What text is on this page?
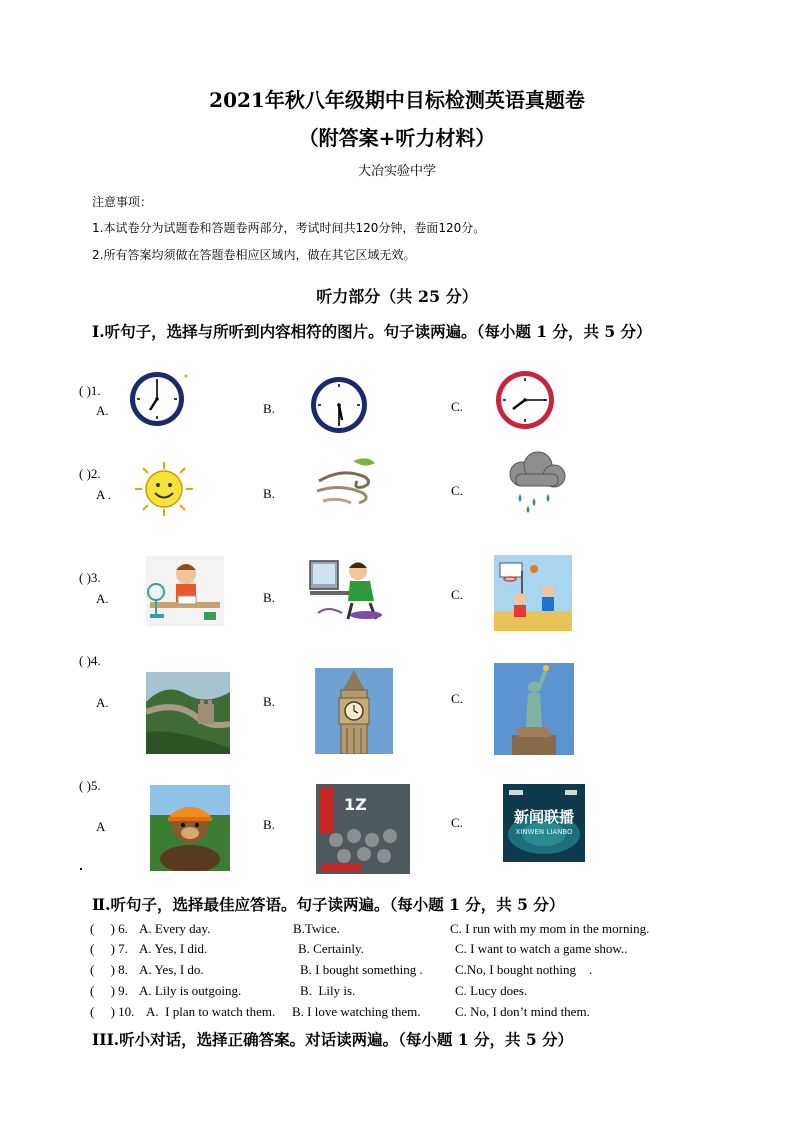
2021年秋八年级期中目标检测英语真题卷
（附答案+听力材料）
大冶实验中学
注意事项：
1.本试卷分为试题卷和答题卷两部分，考试时间共120分钟，卷面120分。
2.所有答案均须做在答题卷相应区域内，做在其它区域无效。
听力部分（共 25 分）
Ⅰ.听句子，选择与所听到内容相符的图片。句子读两遍。（每小题 1 分，共 5 分）
( )1.
A.	B.	C.
( )2.
A .	B.	C.
( )3.
A.	B.	C.
( )4.
A.	B.	C.
( )5.
A	B.	C.
1Z
新闻联播
XINWEN LIANBO
Ⅱ.听句子，选择最佳应答语。句子读两遍。（每小题 1 分，共 5 分）
(     ) 6. A. Every day.	B.Twice.	C. I run with my mom in the morning.
(     ) 7. A. Yes, I did.	B. Certainly.	C. I want to watch a game show..
(     ) 8. A. Yes, I do.	B. I bought something . C.No, I bought nothing    .
(     ) 9. A. Lily is outgoing.	B.  Lily is.	C. Lucy does.
(     ) 10. A.  I plan to watch them. B. I love watching them.	C. No, I don’t mind them.
III.听小对话，选择正确答案。对话读两遍。（每小题 1 分，共 5 分）
